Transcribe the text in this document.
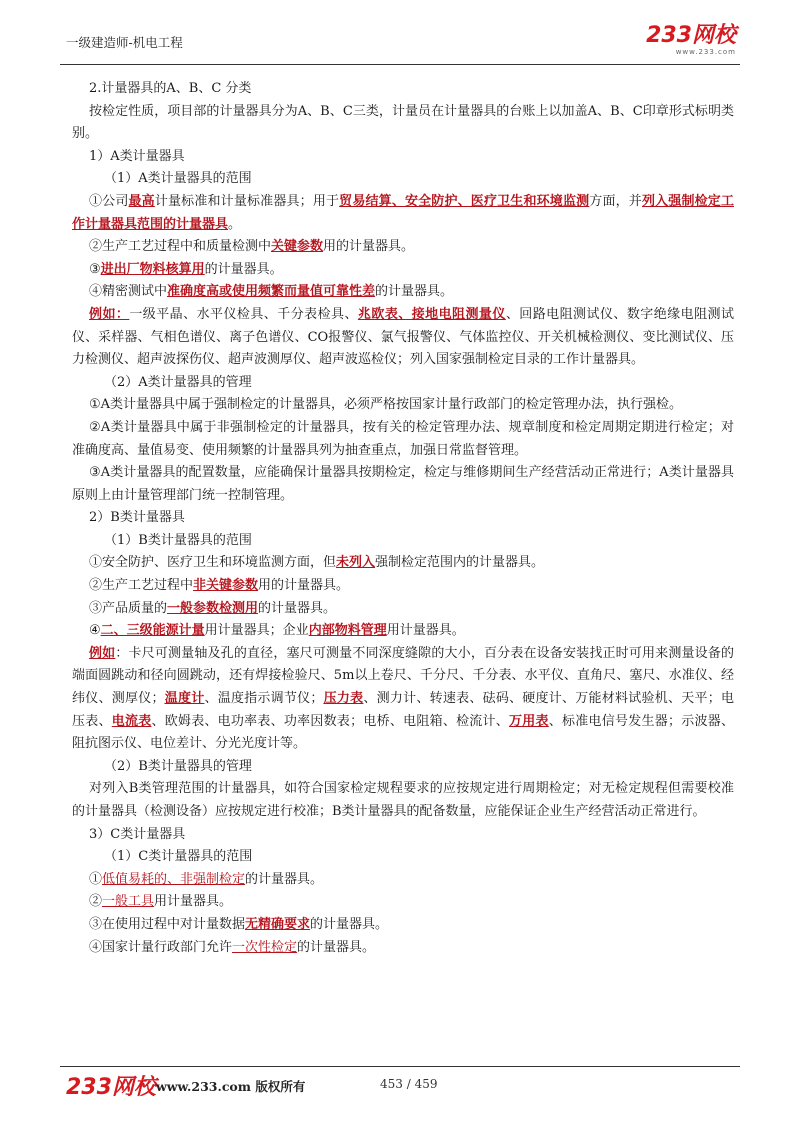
一级建造师-机电工程	233网校
www.233.com

2.计量器具的A、B、C 分类

按检定性质，项目部的计量器具分为A、B、C三类，计量员在计量器具的台账上以加盖A、B、C印章形式标明类别。

1）A类计量器具

（1）A类计量器具的范围

①公司最高计量标准和计量标准器具；用于贸易结算、安全防护、医疗卫生和环境监测方面，并列入强制检定工作计量器具范围的计量器具。

②生产工艺过程中和质量检测中关键参数用的计量器具。

③进出厂物料核算用的计量器具。

④精密测试中准确度高或使用频繁而量值可靠性差的计量器具。

例如：一级平晶、水平仪检具、千分表检具、兆欧表、接地电阻测量仪、回路电阻测试仪、数字绝缘电阻测试仪、采样器、气相色谱仪、离子色谱仪、CO报警仪、氯气报警仪、气体监控仪、开关机械检测仪、变比测试仪、压力检测仪、超声波探伤仪、超声波测厚仪、超声波巡检仪；列入国家强制检定目录的工作计量器具。

（2）A类计量器具的管理

①A类计量器具中属于强制检定的计量器具，必须严格按国家计量行政部门的检定管理办法，执行强检。

②A类计量器具中属于非强制检定的计量器具，按有关的检定管理办法、规章制度和检定周期定期进行检定；对准确度高、量值易变、使用频繁的计量器具列为抽查重点，加强日常监督管理。

③A类计量器具的配置数量，应能确保计量器具按期检定，检定与维修期间生产经营活动正常进行；A类计量器具原则上由计量管理部门统一控制管理。

2）B类计量器具

（1）B类计量器具的范围

①安全防护、医疗卫生和环境监测方面，但未列入强制检定范围内的计量器具。

②生产工艺过程中非关键参数用的计量器具。

③产品质量的一般参数检测用的计量器具。

④二、三级能源计量用计量器具；企业内部物料管理用计量器具。

例如：卡尺可测量轴及孔的直径，塞尺可测量不同深度缝隙的大小，百分表在设备安装找正时可用来测量设备的端面圆跳动和径向圆跳动，还有焊接检验尺、5m以上卷尺、千分尺、千分表、水平仪、直角尺、塞尺、水准仪、经纬仪、测厚仪；温度计、温度指示调节仪；压力表、测力计、转速表、砝码、硬度计、万能材料试验机、天平；电压表、电流表、欧姆表、电功率表、功率因数表；电桥、电阻箱、检流计、万用表、标准电信号发生器；示波器、阻抗图示仪、电位差计、分光光度计等。

（2）B类计量器具的管理

对列入B类管理范围的计量器具，如符合国家检定规程要求的应按规定进行周期检定；对无检定规程但需要校准的计量器具（检测设备）应按规定进行校准；B类计量器具的配备数量，应能保证企业生产经营活动正常进行。

3）C类计量器具

（1）C类计量器具的范围

①低值易耗的、非强制检定的计量器具。

②一般工具用计量器具。

③在使用过程中对计量数据无精确要求的计量器具。

④国家计量行政部门允许一次性检定的计量器具。

233网校 www.233.com 版权所有	453 / 459
